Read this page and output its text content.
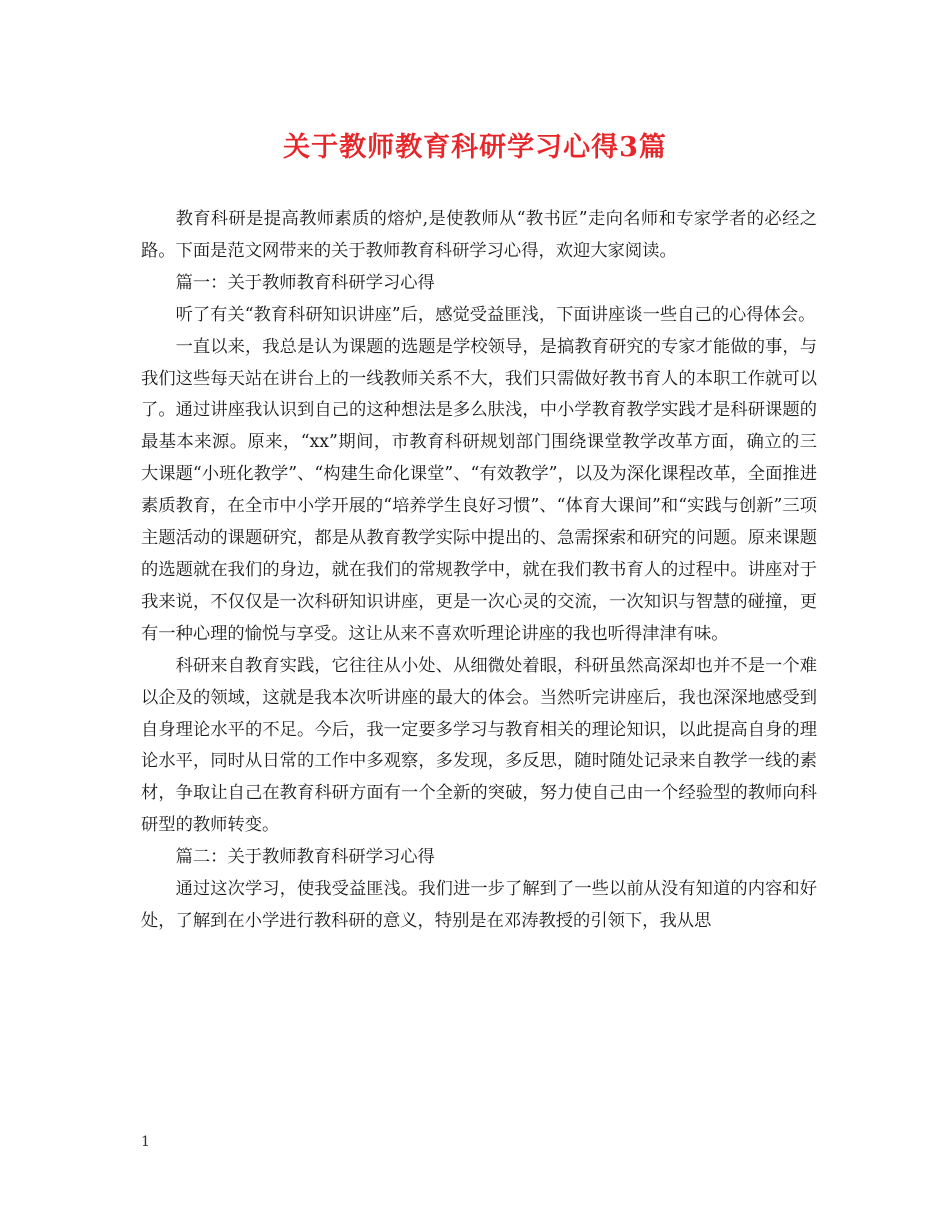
关于教师教育科研学习心得3篇

教育科研是提高教师素质的熔炉,是使教师从“教书匠”走向名师和专家学者的必经之路。下面是范文网带来的关于教师教育科研学习心得，欢迎大家阅读。

篇一：关于教师教育科研学习心得

听了有关“教育科研知识讲座”后，感觉受益匪浅，下面讲座谈一些自己的心得体会。

一直以来，我总是认为课题的选题是学校领导，是搞教育研究的专家才能做的事，与我们这些每天站在讲台上的一线教师关系不大，我们只需做好教书育人的本职工作就可以了。通过讲座我认识到自己的这种想法是多么肤浅，中小学教育教学实践才是科研课题的最基本来源。原来，“xx”期间，市教育科研规划部门围绕课堂教学改革方面，确立的三大课题“小班化教学”、“构建生命化课堂”、“有效教学”，以及为深化课程改革，全面推进素质教育，在全市中小学开展的“培养学生良好习惯”、“体育大课间”和“实践与创新”三项主题活动的课题研究，都是从教育教学实际中提出的、急需探索和研究的问题。原来课题的选题就在我们的身边，就在我们的常规教学中，就在我们教书育人的过程中。讲座对于我来说，不仅仅是一次科研知识讲座，更是一次心灵的交流，一次知识与智慧的碰撞，更有一种心理的愉悦与享受。这让从来不喜欢听理论讲座的我也听得津津有味。

科研来自教育实践，它往往从小处、从细微处着眼，科研虽然高深却也并不是一个难以企及的领域，这就是我本次听讲座的最大的体会。当然听完讲座后，我也深深地感受到自身理论水平的不足。今后，我一定要多学习与教育相关的理论知识，以此提高自身的理论水平，同时从日常的工作中多观察，多发现，多反思，随时随处记录来自教学一线的素材，争取让自己在教育科研方面有一个全新的突破，努力使自己由一个经验型的教师向科研型的教师转变。

篇二：关于教师教育科研学习心得

通过这次学习，使我受益匪浅。我们进一步了解到了一些以前从没有知道的内容和好处，了解到在小学进行教科研的意义，特别是在邓涛教授的引领下，我从思

1
